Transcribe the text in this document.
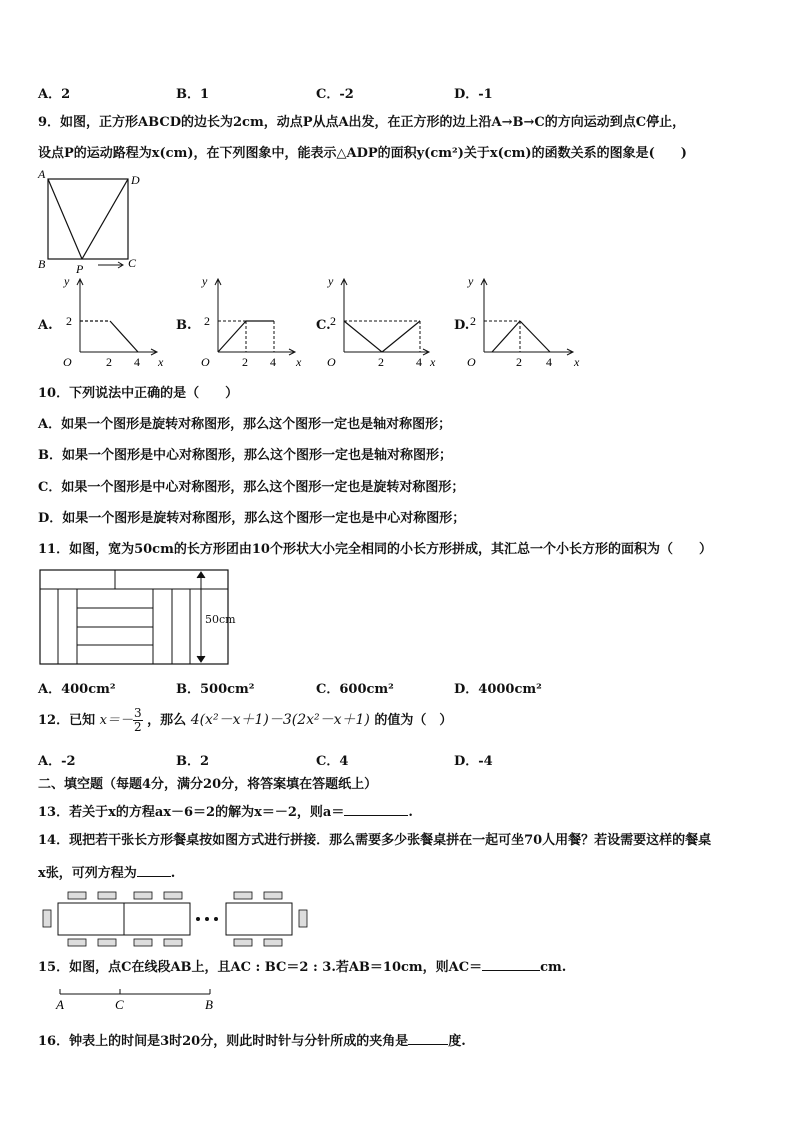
A．2	B．1	C．-2	D．-1
9．如图，正方形ABCD的边长为2cm，动点P从点A出发，在正方形的边上沿A→B→C的方向运动到点C停止，
设点P的运动路程为x(cm)，在下列图象中，能表示△ADP的面积y(cm²)关于x(cm)的函数关系的图象是(　　)
A	D
B	C
P
A.	B.	C.	D.
y
2
O	2 4 x
y
2
O	2 4 x
y
2
O	2	4 x
y
2
O	2 4 x
10．下列说法中正确的是（　　）
A．如果一个图形是旋转对称图形，那么这个图形一定也是轴对称图形；
B．如果一个图形是中心对称图形，那么这个图形一定也是轴对称图形；
C．如果一个图形是中心对称图形，那么这个图形一定也是旋转对称图形；
D．如果一个图形是旋转对称图形，那么这个图形一定也是中心对称图形；
11．如图，宽为50cm的长方形团由10个形状大小完全相同的小长方形拼成，其汇总一个小长方形的面积为（　　）
50cm
A．400cm²	B．500cm²	C．600cm²	D．4000cm²
12．已知 $x=- \frac{3}{2}$ ，那么 4(x²－x＋1)－3(2x²－x＋1) 的值为（　）
A．-2	B．2	C．4	D．-4
二、填空题（每题4分，满分20分，将答案填在答题纸上）
13．若关于x的方程ax－6＝2的解为x＝－2，则a＝	.
14．现把若干张长方形餐桌按如图方式进行拼接．那么需要多少张餐桌拼在一起可坐70人用餐？若设需要这样的餐桌
x张，可列方程为	.
15．如图，点C在线段AB上，且AC : BC＝2 : 3.若AB＝10cm，则AC＝	cm.
A	C	B
16．钟表上的时间是3时20分，则此时时针与分针所成的夹角是	度.
